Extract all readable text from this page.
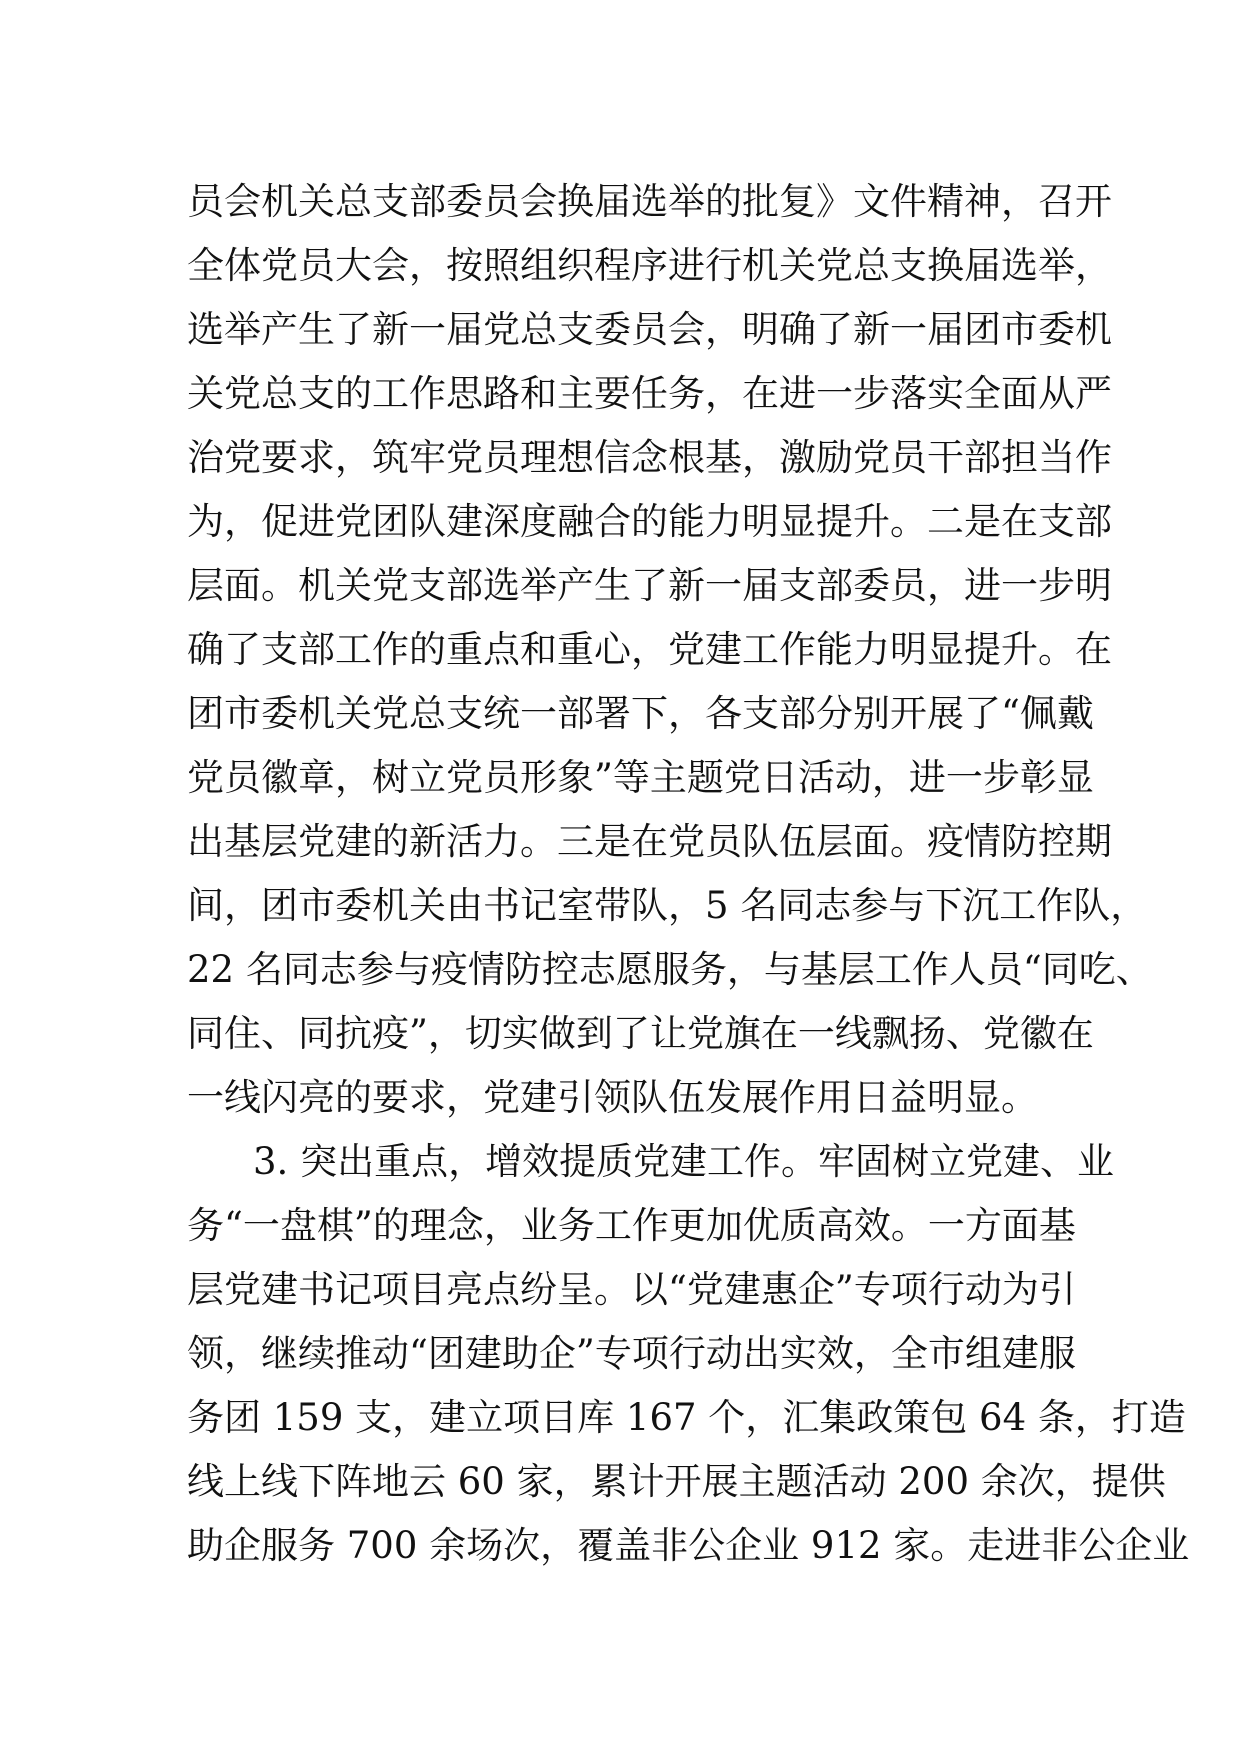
员会机关总支部委员会换届选举的批复》文件精神，召开
全体党员大会，按照组织程序进行机关党总支换届选举，
选举产生了新一届党总支委员会，明确了新一届团市委机
关党总支的工作思路和主要任务，在进一步落实全面从严
治党要求，筑牢党员理想信念根基，激励党员干部担当作
为，促进党团队建深度融合的能力明显提升。二是在支部
层面。机关党支部选举产生了新一届支部委员，进一步明
确了支部工作的重点和重心，党建工作能力明显提升。在
团市委机关党总支统一部署下，各支部分别开展了“佩戴
党员徽章，树立党员形象”等主题党日活动，进一步彰显
出基层党建的新活力。三是在党员队伍层面。疫情防控期
间，团市委机关由书记室带队，5 名同志参与下沉工作队，
22 名同志参与疫情防控志愿服务，与基层工作人员“同吃、
同住、同抗疫”，切实做到了让党旗在一线飘扬、党徽在
一线闪亮的要求，党建引领队伍发展作用日益明显。
3. 突出重点，增效提质党建工作。牢固树立党建、业
务“一盘棋”的理念，业务工作更加优质高效。一方面基
层党建书记项目亮点纷呈。以“党建惠企”专项行动为引
领，继续推动“团建助企”专项行动出实效，全市组建服
务团 159 支，建立项目库 167 个，汇集政策包 64 条，打造
线上线下阵地云 60 家，累计开展主题活动 200 余次，提供
助企服务 700 余场次，覆盖非公企业 912 家。走进非公企业
